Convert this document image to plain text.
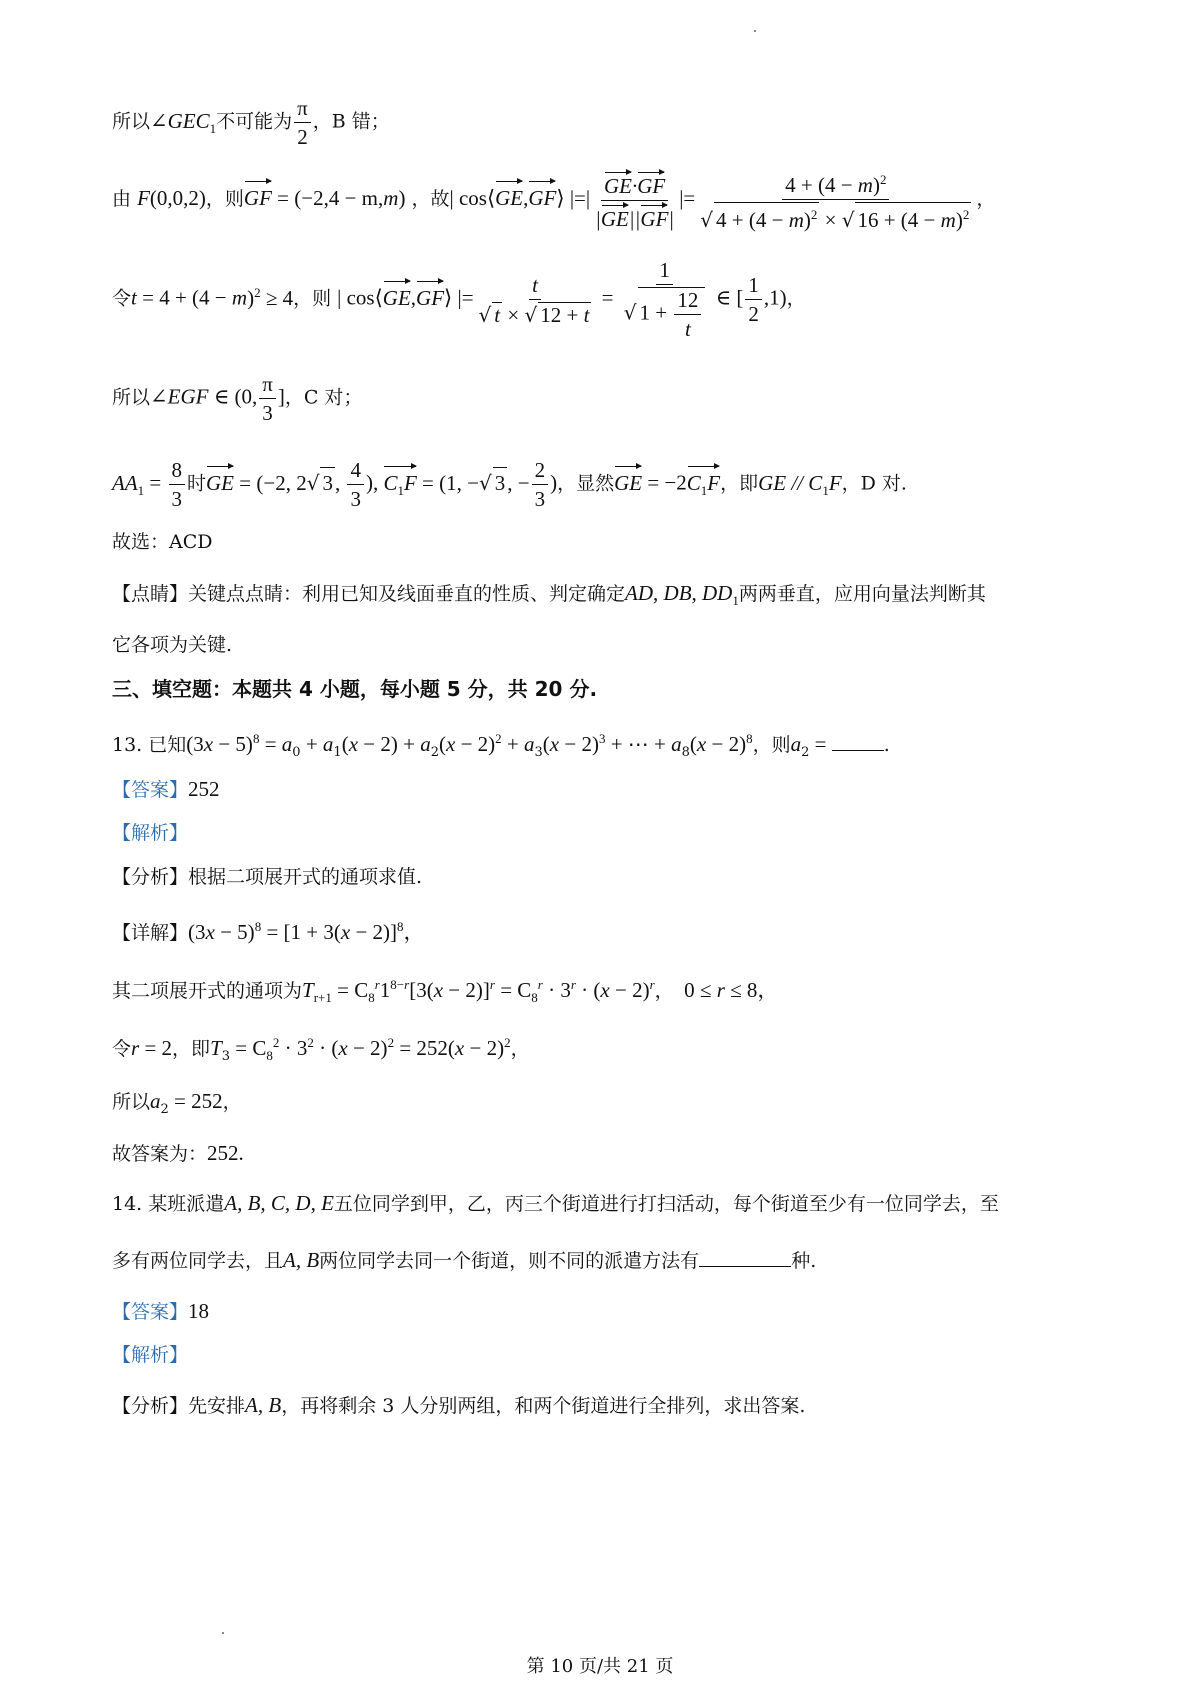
所以$\angle GEC_1$不可能为 $\frac{\pi}{2}$ ，B 错；
由 F(0,0,2)，则GF = (−2,4 − m,m) ，故| cos⟨GE,GF⟩ |=| $\frac{GE\cdot GF}{|GE||GF|}$ |= $\frac{4 + (4 - m)^2}{√ 4 + (4 - m)^2 \times √ 16 + (4 - m)^2}$ ，
令$t = 4 + (4 - m)^2 \ge 4$，则 | cos⟨GE,GF⟩ |= $\frac{t}{√ t \times √ 12 + t} = \frac{1}{√ 1 + \frac{12}{t}}$ ∈ [ $\frac{1}{2} ,1$)，
所以∠EGF ∈ (0, $\frac{\pi}{3}$ ]，C 对；
$AA_1 = \frac{8}{3}$ 时GE = (−2, 2√ 3, $\frac{4}{3}$ ), $C_1F = (1$, −√ 3, − $\frac{2}{3}$ )，显然GE = $-2C_1F$，即GE // $C_1F$，D 对.
故选：ACD
【点睛】关键点点睛：利用已知及线面垂直的性质、判定确定AD, DB, $DD_1$两两垂直，应用向量法判断其
它各项为关键.
三、填空题：本题共 4 小题，每小题 5 分，共 20 分.
13. 已知$(3x - 5)^8 = a_0 + a_1(x - 2) + a_2(x - 2)^2 + a_3(x - 2)^3$ + ⋯ + $a_8(x - 2)^8$，则$a_2$ =	.
【答案】252
【解析】
【分析】根据二项展开式的通项求值.
【详解】$(3x - 5)^8 = [1 + 3(x - 2)]^8$，
其二项展开式的通项为$T_{r+1} = C_8^r1^{8-r}[3(x - 2)]^r = C_8^r \cdot 3^r \cdot (x - 2)^r$，  0 ≤ r ≤ 8，
令r = 2，即$T_3 = C_8^2 \cdot 3^2 \cdot (x - 2)^2 = 252(x - 2)^2$，
所以$a_2 = 252$，
故答案为：252.
14. 某班派遣A, B, C, D, E五位同学到甲，乙，丙三个街道进行打扫活动，每个街道至少有一位同学去，至
多有两位同学去，且A, B两位同学去同一个街道，则不同的派遣方法有	种.
【答案】18
【解析】
【分析】先安排A, B，再将剩余 3 人分别两组，和两个街道进行全排列，求出答案.
第 10 页/共 21 页
